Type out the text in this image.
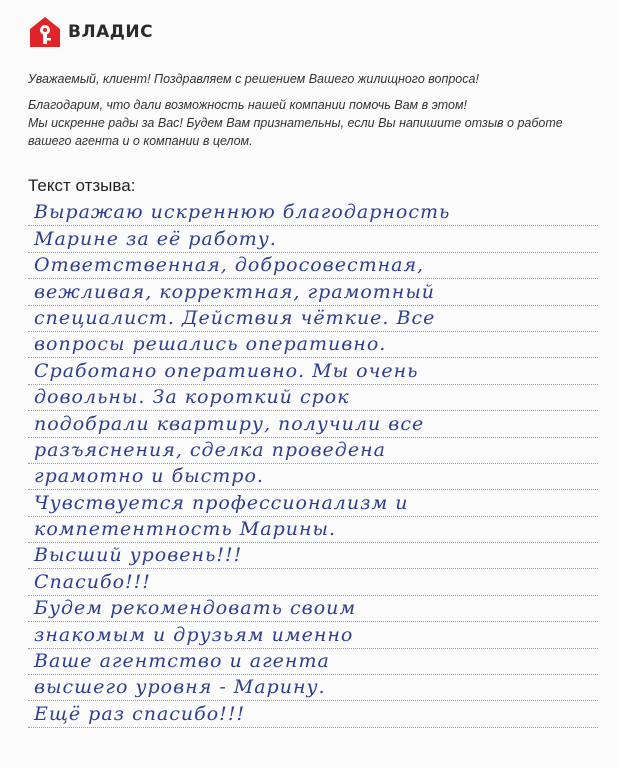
ВЛАДИС

Уважаемый, клиент! Поздравляем с решением Вашего жилищного вопроса!

Благодарим, что дали возможность нашей компании помочь Вам в этом!

Мы искренне рады за Вас! Будем Вам признательны, если Вы напишите отзыв о работе

вашего агента и о компании в целом.

Текст отзыва:
Выражаю искреннюю благодарность
Марине за её работу.
Ответственная, добросовестная,
вежливая, корректная, грамотный
специалист. Действия чёткие. Все
вопросы решались оперативно.
Сработано оперативно. Мы очень
довольны. За короткий срок
подобрали квартиру, получили все
разъяснения, сделка проведена
грамотно и быстро.
Чувствуется профессионализм и
компетентность Марины.
Высший уровень!!!
Спасибо!!!
Будем рекомендовать своим
знакомым и друзьям именно
Ваше агентство и агента
высшего уровня - Марину.
Ещё раз спасибо!!!
